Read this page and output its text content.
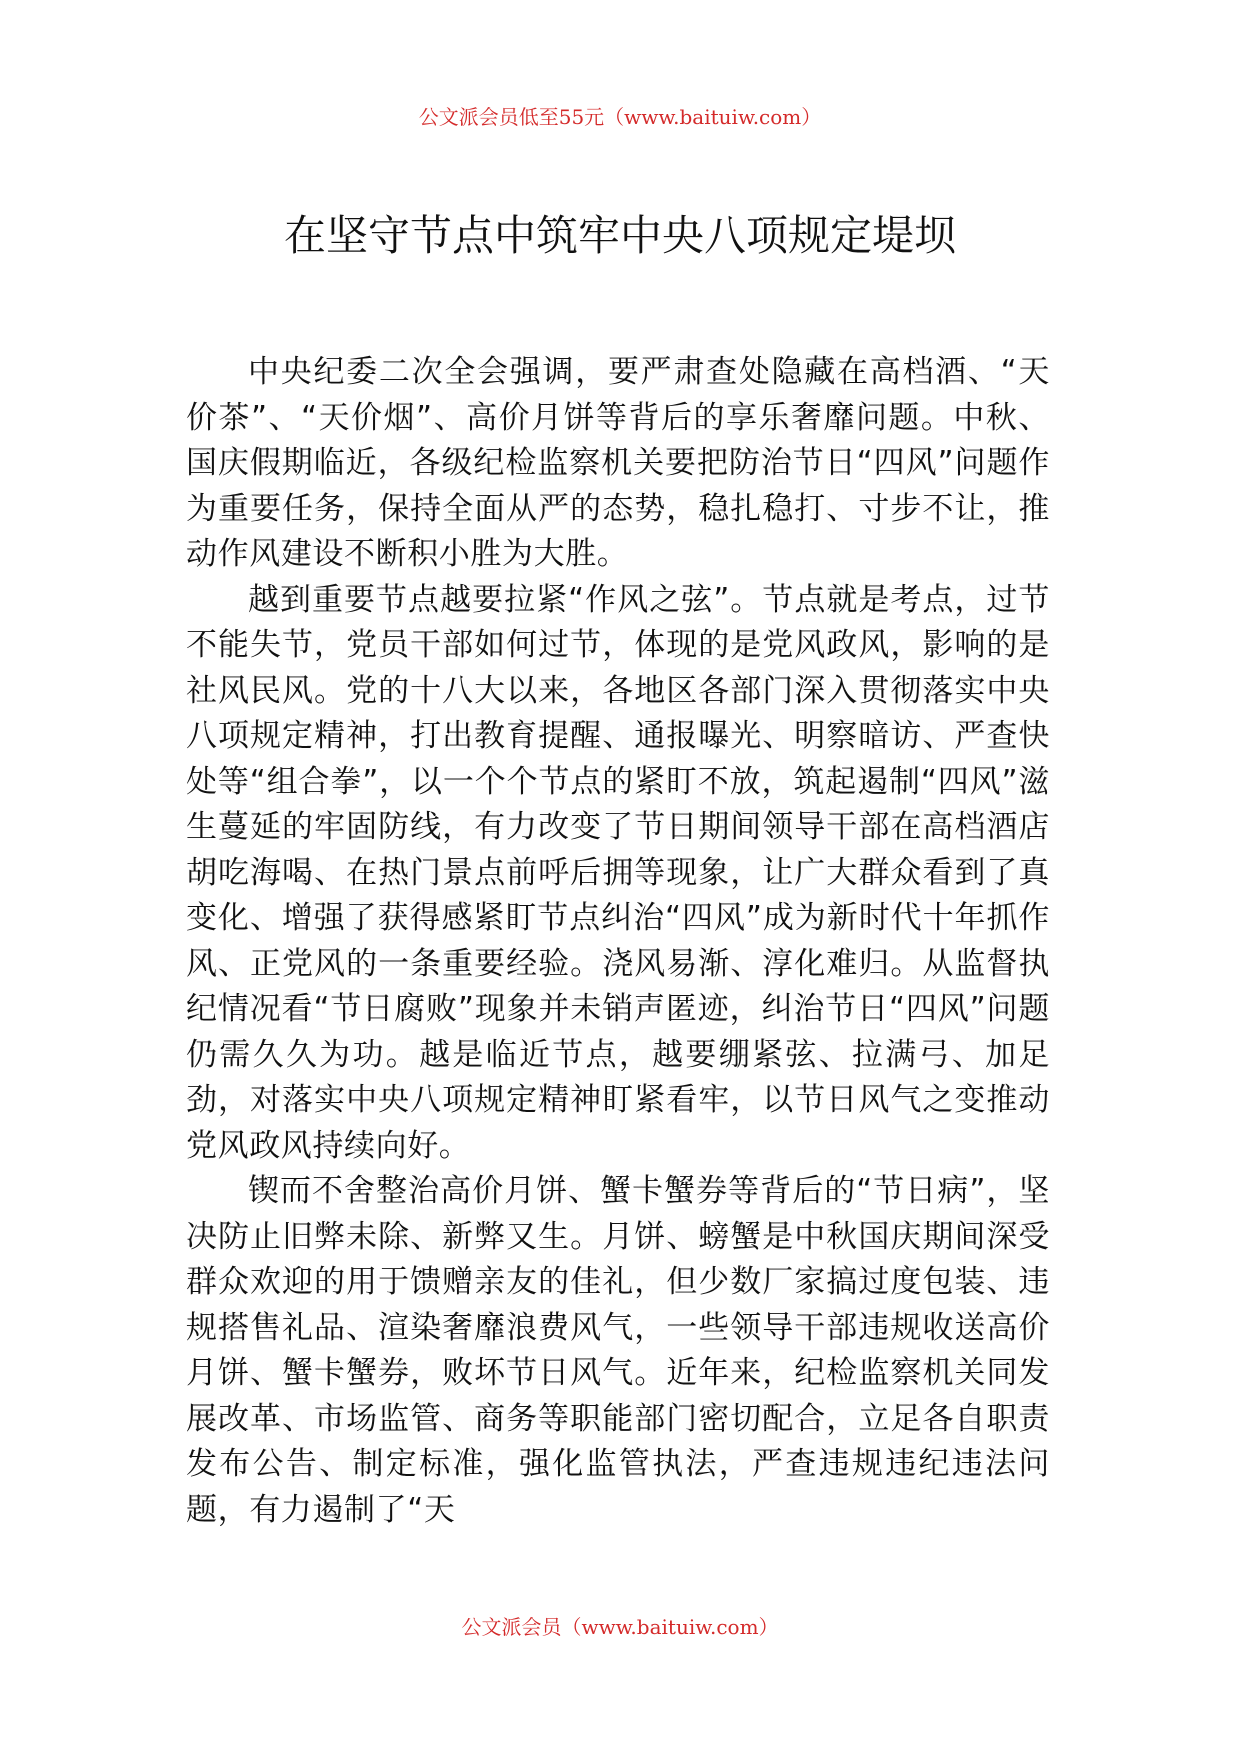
公文派会员低至55元（www.baituiw.com）
在坚守节点中筑牢中央八项规定堤坝

中央纪委二次全会强调，要严肃查处隐藏在高档酒、“天价茶”、“天价烟”、高价月饼等背后的享乐奢靡问题。中秋、国庆假期临近，各级纪检监察机关要把防治节日“四风”问题作为重要任务，保持全面从严的态势，稳扎稳打、寸步不让，推动作风建设不断积小胜为大胜。

越到重要节点越要拉紧“作风之弦”。节点就是考点，过节不能失节，党员干部如何过节，体现的是党风政风，影响的是社风民风。党的十八大以来，各地区各部门深入贯彻落实中央八项规定精神，打出教育提醒、通报曝光、明察暗访、严查快处等“组合拳”，以一个个节点的紧盯不放，筑起遏制“四风”滋生蔓延的牢固防线，有力改变了节日期间领导干部在高档酒店胡吃海喝、在热门景点前呼后拥等现象，让广大群众看到了真变化、增强了获得感紧盯节点纠治“四风”成为新时代十年抓作风、正党风的一条重要经验。浇风易渐、淳化难归。从监督执纪情况看“节日腐败”现象并未销声匿迹，纠治节日“四风”问题仍需久久为功。越是临近节点，越要绷紧弦、拉满弓、加足劲，对落实中央八项规定精神盯紧看牢，以节日风气之变推动党风政风持续向好。

锲而不舍整治高价月饼、蟹卡蟹券等背后的“节日病”，坚决防止旧弊未除、新弊又生。月饼、螃蟹是中秋国庆期间深受群众欢迎的用于馈赠亲友的佳礼，但少数厂家搞过度包装、违规搭售礼品、渲染奢靡浪费风气，一些领导干部违规收送高价月饼、蟹卡蟹券，败坏节日风气。近年来，纪检监察机关同发展改革、市场监管、商务等职能部门密切配合，立足各自职责发布公告、制定标准，强化监管执法，严查违规违纪违法问题，有力遏制了“天

公文派会员（www.baituiw.com）
